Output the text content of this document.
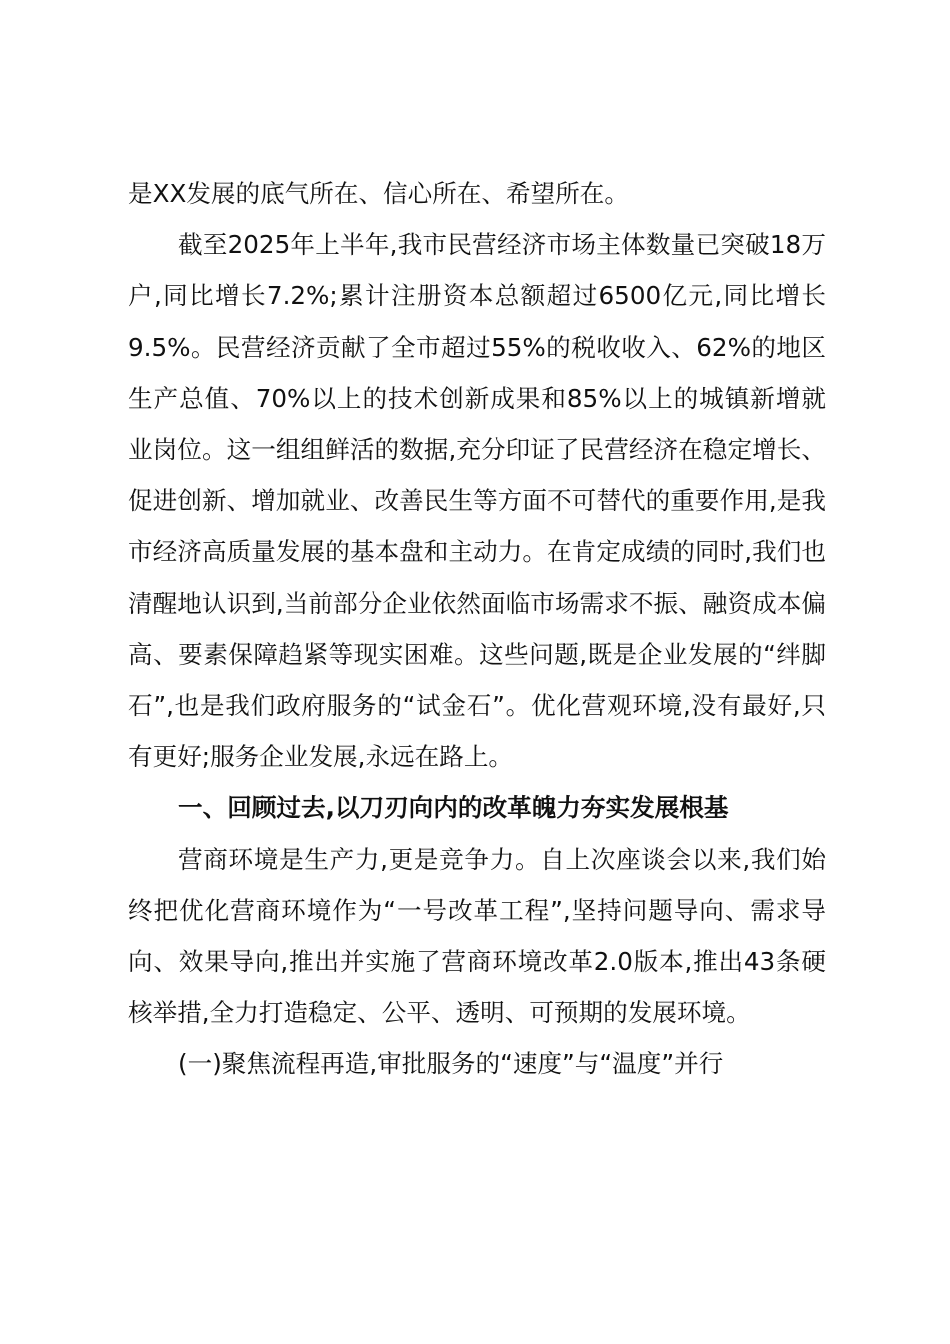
是XX发展的底气所在、信心所在、希望所在。

截至2025年上半年,我市民营经济市场主体数量已突破18万户,同比增长7.2%;累计注册资本总额超过6500亿元,同比增长9.5%。民营经济贡献了全市超过55%的税收收入、62%的地区生产总值、70%以上的技术创新成果和85%以上的城镇新增就业岗位。这一组组鲜活的数据,充分印证了民营经济在稳定增长、促进创新、增加就业、改善民生等方面不可替代的重要作用,是我市经济高质量发展的基本盘和主动力。在肯定成绩的同时,我们也清醒地认识到,当前部分企业依然面临市场需求不振、融资成本偏高、要素保障趋紧等现实困难。这些问题,既是企业发展的“绊脚石”,也是我们政府服务的“试金石”。优化营观环境,没有最好,只有更好;服务企业发展,永远在路上。

一、回顾过去,以刀刃向内的改革魄力夯实发展根基

营商环境是生产力,更是竞争力。自上次座谈会以来,我们始终把优化营商环境作为“一号改革工程”,坚持问题导向、需求导向、效果导向,推出并实施了营商环境改革2.0版本,推出43条硬核举措,全力打造稳定、公平、透明、可预期的发展环境。

(一)聚焦流程再造,审批服务的“速度”与“温度”并行
